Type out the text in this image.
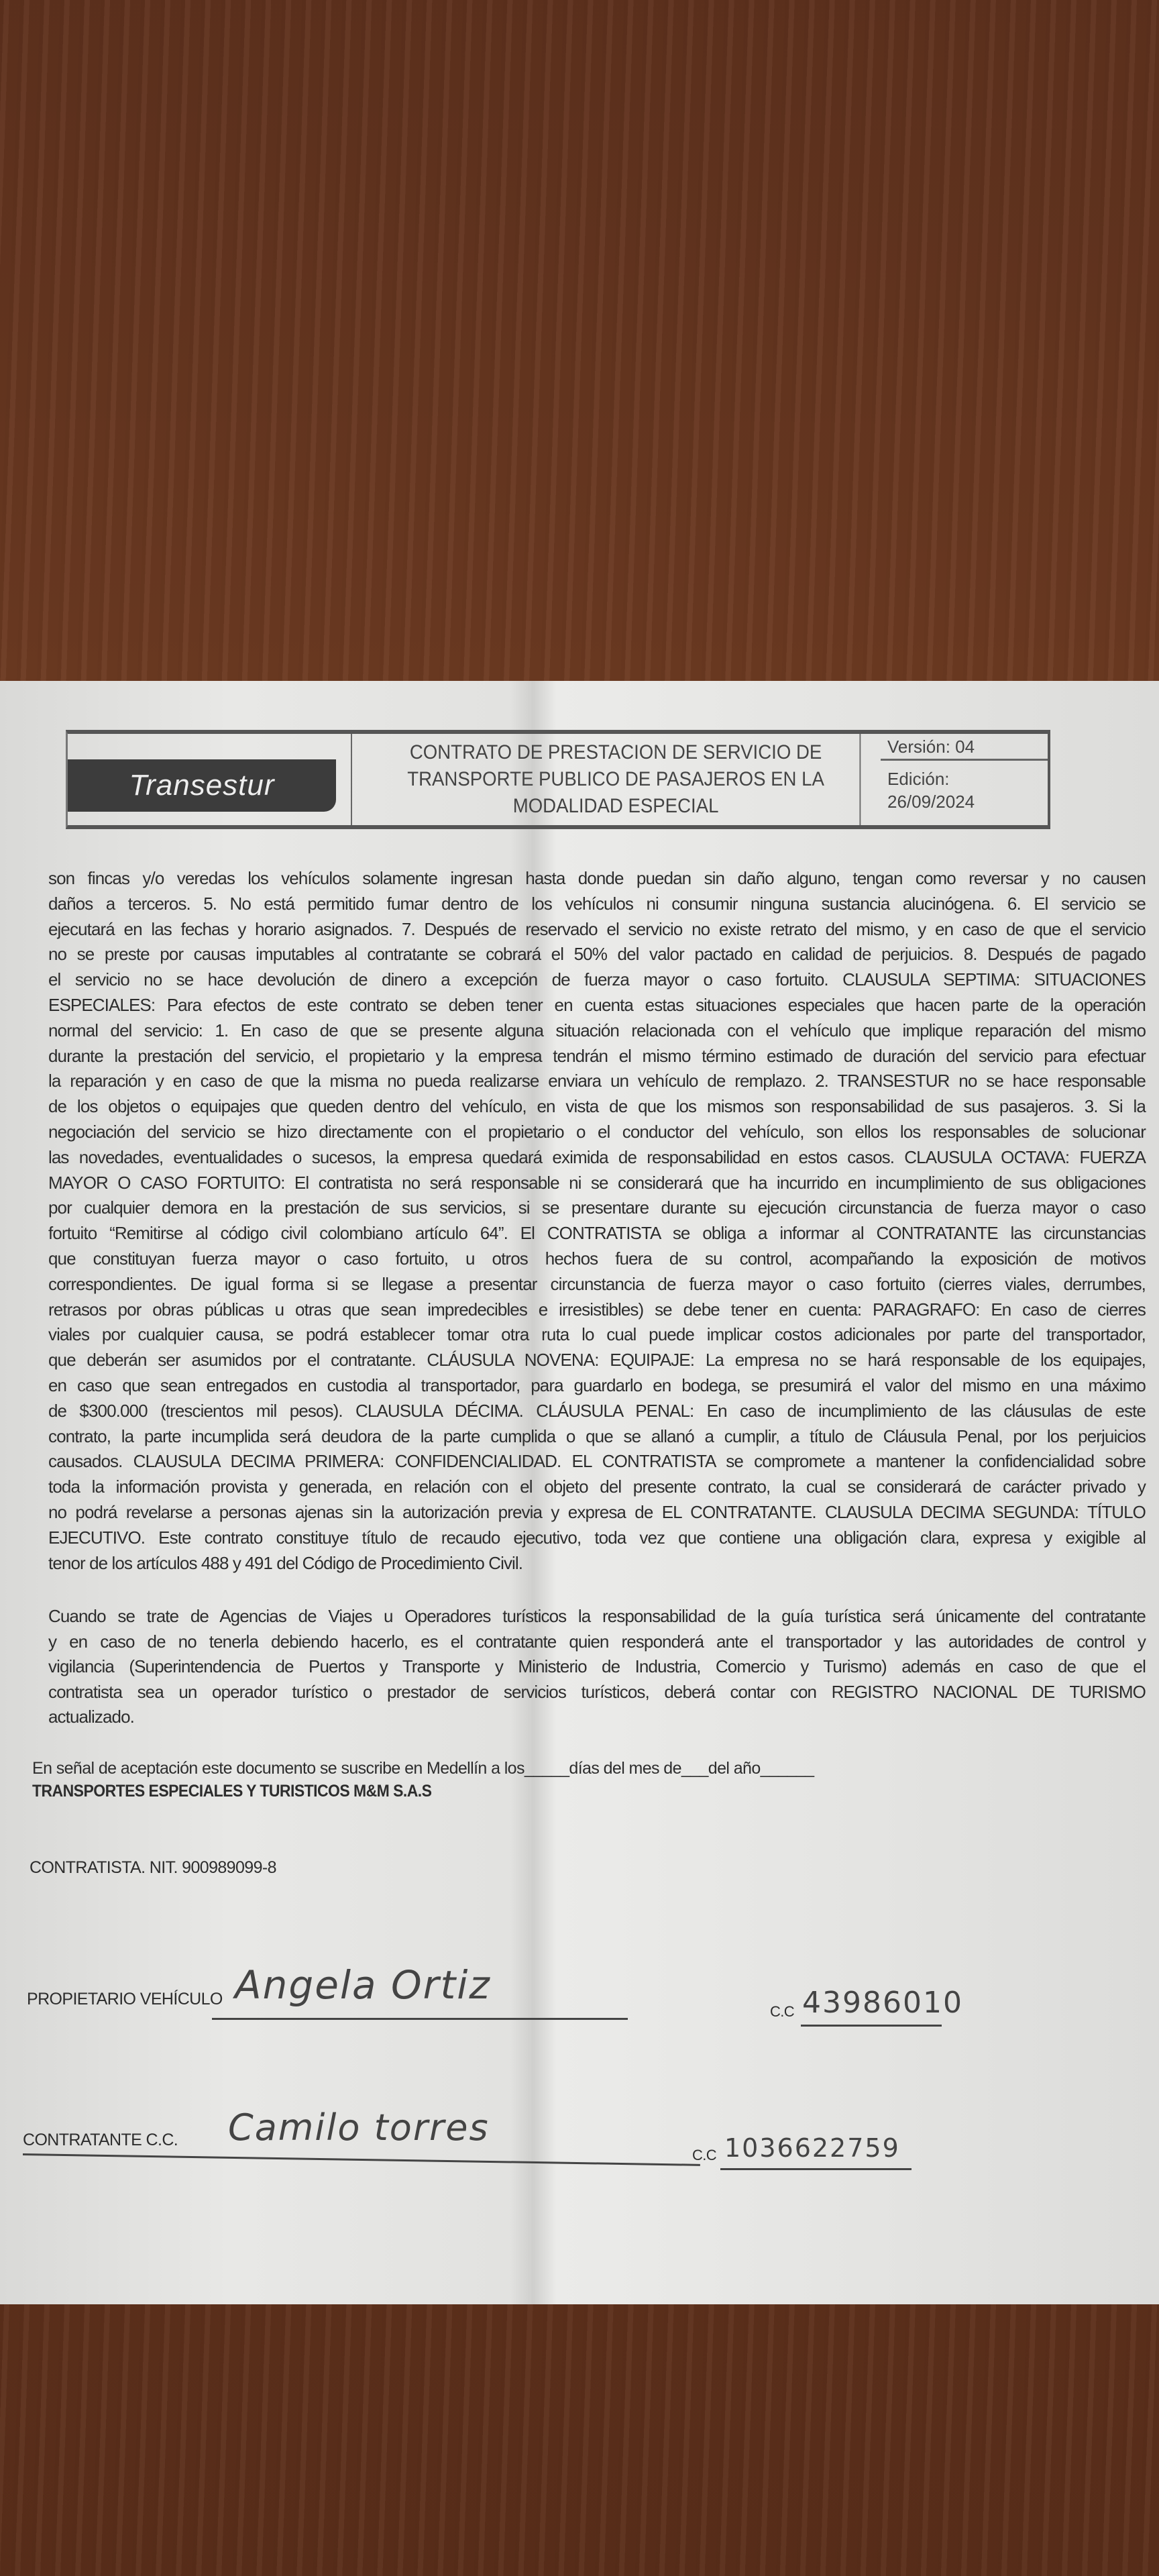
Transestur
CONTRATO DE PRESTACION DE SERVICIO DE
TRANSPORTE PUBLICO DE PASAJEROS EN LA
MODALIDAD ESPECIAL
Versión: 04
Edición:
26/09/2024
son fincas y/o veredas los vehículos solamente ingresan hasta donde puedan sin daño alguno, tengan como reversar y no causen
daños a terceros. 5. No está permitido fumar dentro de los vehículos ni consumir ninguna sustancia alucinógena. 6. El servicio se
ejecutará en las fechas y horario asignados. 7. Después de reservado el servicio no existe retrato del mismo, y en caso de que el servicio
no se preste por causas imputables al contratante se cobrará el 50% del valor pactado en calidad de perjuicios. 8. Después de pagado
el servicio no se hace devolución de dinero a excepción de fuerza mayor o caso fortuito. CLAUSULA SEPTIMA: SITUACIONES
ESPECIALES: Para efectos de este contrato se deben tener en cuenta estas situaciones especiales que hacen parte de la operación
normal del servicio: 1. En caso de que se presente alguna situación relacionada con el vehículo que implique reparación del mismo
durante la prestación del servicio, el propietario y la empresa tendrán el mismo término estimado de duración del servicio para efectuar
la reparación y en caso de que la misma no pueda realizarse enviara un vehículo de remplazo. 2. TRANSESTUR no se hace responsable
de los objetos o equipajes que queden dentro del vehículo, en vista de que los mismos son responsabilidad de sus pasajeros. 3. Si la
negociación del servicio se hizo directamente con el propietario o el conductor del vehículo, son ellos los responsables de solucionar
las novedades, eventualidades o sucesos, la empresa quedará eximida de responsabilidad en estos casos. CLAUSULA OCTAVA: FUERZA
MAYOR O CASO FORTUITO: El contratista no será responsable ni se considerará que ha incurrido en incumplimiento de sus obligaciones
por cualquier demora en la prestación de sus servicios, si se presentare durante su ejecución circunstancia de fuerza mayor o caso
fortuito “Remitirse al código civil colombiano artículo 64”. El CONTRATISTA se obliga a informar al CONTRATANTE las circunstancias
que constituyan fuerza mayor o caso fortuito, u otros hechos fuera de su control, acompañando la exposición de motivos
correspondientes. De igual forma si se llegase a presentar circunstancia de fuerza mayor o caso fortuito (cierres viales, derrumbes,
retrasos por obras públicas u otras que sean impredecibles e irresistibles) se debe tener en cuenta: PARAGRAFO: En caso de cierres
viales por cualquier causa, se podrá establecer tomar otra ruta lo cual puede implicar costos adicionales por parte del transportador,
que deberán ser asumidos por el contratante. CLÁUSULA NOVENA: EQUIPAJE: La empresa no se hará responsable de los equipajes,
en caso que sean entregados en custodia al transportador, para guardarlo en bodega, se presumirá el valor del mismo en una máximo
de $300.000 (trescientos mil pesos). CLAUSULA DÉCIMA. CLÁUSULA PENAL: En caso de incumplimiento de las cláusulas de este
contrato, la parte incumplida será deudora de la parte cumplida o que se allanó a cumplir, a título de Cláusula Penal, por los perjuicios
causados. CLAUSULA DECIMA PRIMERA: CONFIDENCIALIDAD. EL CONTRATISTA se compromete a mantener la confidencialidad sobre
toda la información provista y generada, en relación con el objeto del presente contrato, la cual se considerará de carácter privado y
no podrá revelarse a personas ajenas sin la autorización previa y expresa de EL CONTRATANTE. CLAUSULA DECIMA SEGUNDA: TÍTULO
EJECUTIVO. Este contrato constituye título de recaudo ejecutivo, toda vez que contiene una obligación clara, expresa y exigible al
tenor de los artículos 488 y 491 del Código de Procedimiento Civil.
Cuando se trate de Agencias de Viajes u Operadores turísticos la responsabilidad de la guía turística será únicamente del contratante
y en caso de no tenerla debiendo hacerlo, es el contratante quien responderá ante el transportador y las autoridades de control y
vigilancia (Superintendencia de Puertos y Transporte y Ministerio de Industria, Comercio y Turismo) además en caso de que el
contratista sea un operador turístico o prestador de servicios turísticos, deberá contar con REGISTRO NACIONAL DE TURISMO
actualizado.
En señal de aceptación este documento se suscribe en Medellín a los_____días del mes de___del año______
TRANSPORTES ESPECIALES Y TURISTICOS M&M S.A.S
CONTRATISTA. NIT. 900989099-8
PROPIETARIO VEHÍCULO Angela Ortiz
C.C 43986010
CONTRATANTE C.C. Camilo torres
C.C 1036622759
